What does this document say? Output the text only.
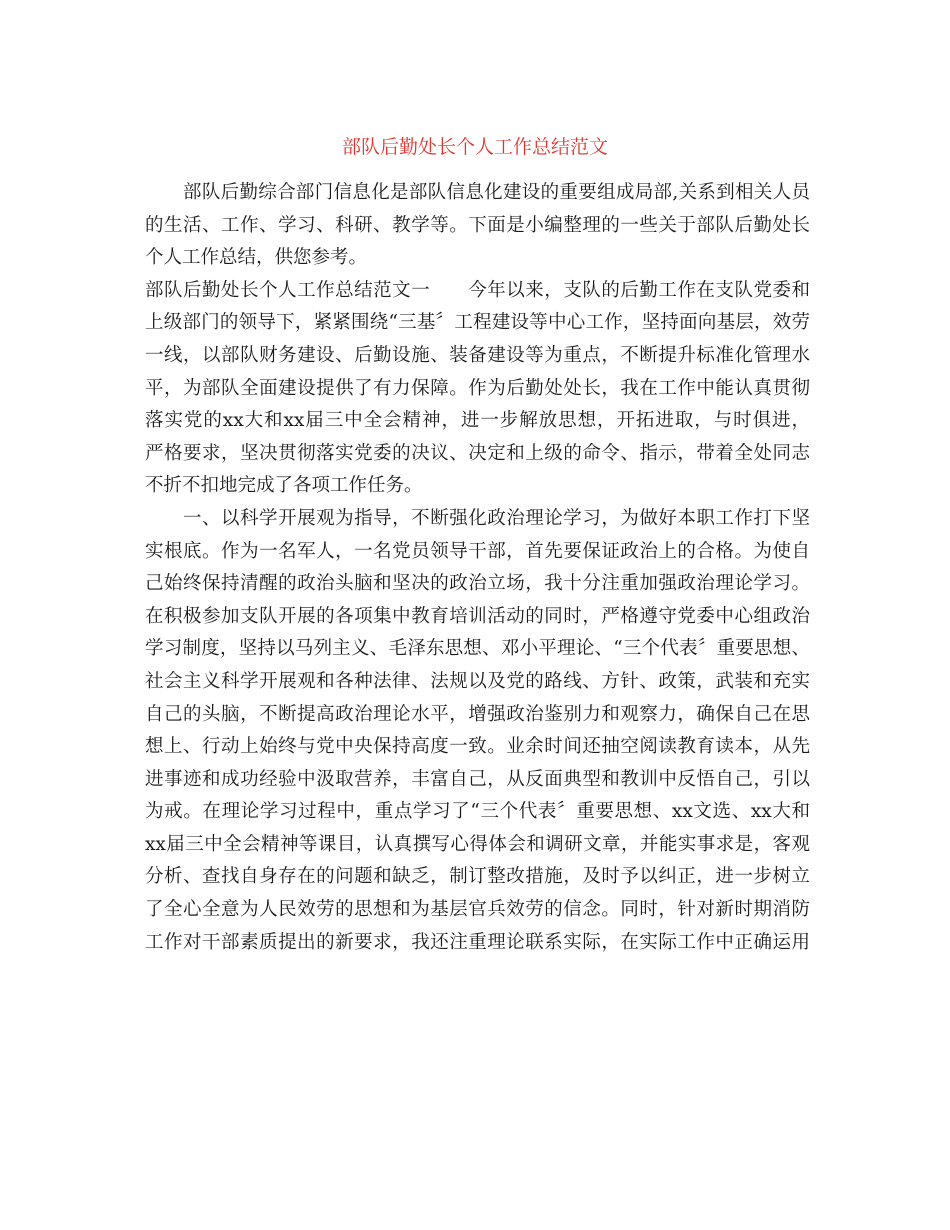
部队后勤处长个人工作总结范文
部队后勤综合部门信息化是部队信息化建设的重要组成局部,关系到相关人员
的生活、工作、学习、科研、教学等。下面是小编整理的一些关于部队后勤处长
个人工作总结，供您参考。
部队后勤处长个人工作总结范文一　　今年以来，支队的后勤工作在支队党委和
上级部门的领导下，紧紧围绕“三基〞工程建设等中心工作，坚持面向基层，效劳
一线，以部队财务建设、后勤设施、装备建设等为重点，不断提升标准化管理水
平，为部队全面建设提供了有力保障。作为后勤处处长，我在工作中能认真贯彻
落实党的xx大和xx届三中全会精神，进一步解放思想，开拓进取，与时俱进，
严格要求，坚决贯彻落实党委的决议、决定和上级的命令、指示，带着全处同志
不折不扣地完成了各项工作任务。
一、以科学开展观为指导，不断强化政治理论学习，为做好本职工作打下坚
实根底。作为一名军人，一名党员领导干部，首先要保证政治上的合格。为使自
己始终保持清醒的政治头脑和坚决的政治立场，我十分注重加强政治理论学习。
在积极参加支队开展的各项集中教育培训活动的同时，严格遵守党委中心组政治
学习制度，坚持以马列主义、毛泽东思想、邓小平理论、“三个代表〞重要思想、
社会主义科学开展观和各种法律、法规以及党的路线、方针、政策，武装和充实
自己的头脑，不断提高政治理论水平，增强政治鉴别力和观察力，确保自己在思
想上、行动上始终与党中央保持高度一致。业余时间还抽空阅读教育读本，从先
进事迹和成功经验中汲取营养，丰富自己，从反面典型和教训中反悟自己，引以
为戒。在理论学习过程中，重点学习了“三个代表〞重要思想、xx文选、xx大和
xx届三中全会精神等课目，认真撰写心得体会和调研文章，并能实事求是，客观
分析、查找自身存在的问题和缺乏，制订整改措施，及时予以纠正，进一步树立
了全心全意为人民效劳的思想和为基层官兵效劳的信念。同时，针对新时期消防
工作对干部素质提出的新要求，我还注重理论联系实际，在实际工作中正确运用
